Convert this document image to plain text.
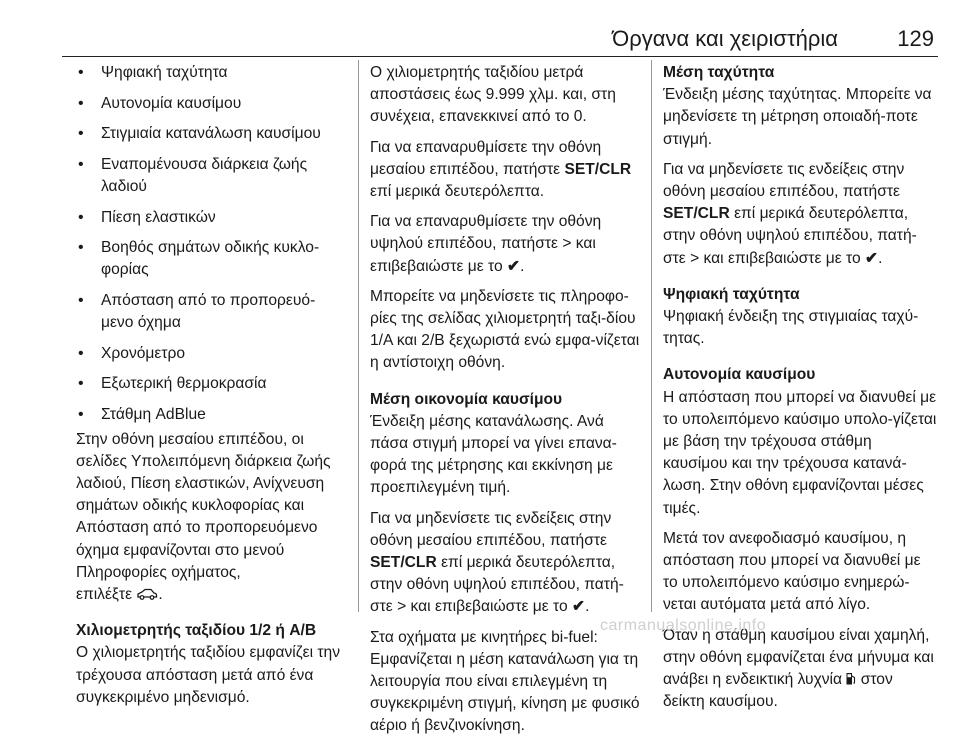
Όργανα και χειριστήρια	129
• Ψηφιακή ταχύτητα
• Αυτονομία καυσίμου
• Στιγμιαία κατανάλωση καυσίμου
• Εναπομένουσα διάρκεια ζωής λαδιού
• Πίεση ελαστικών
• Βοηθός σημάτων οδικής κυκλο-φορίας
• Απόσταση από το προπορευό-μενο όχημα
• Χρονόμετρο
• Εξωτερική θερμοκρασία
• Στάθμη AdBlue

Στην οθόνη μεσαίου επιπέδου, οι σελίδες Υπολειπόμενη διάρκεια ζωής λαδιού, Πίεση ελαστικών, Ανίχνευση σημάτων οδικής κυκλοφορίας και Απόσταση από το προπορευόμενο όχημα εμφανίζονται στο μενού Πληροφορίες οχήματος,
επιλέξτε .

Χιλιομετρητής ταξιδίου 1/2 ή A/B

Ο χιλιομετρητής ταξιδίου εμφανίζει την τρέχουσα απόσταση μετά από ένα συγκεκριμένο μηδενισμό.

Ο χιλιομετρητής ταξιδίου μετρά αποστάσεις έως 9.999 χλμ. και, στη συνέχεια, επανεκκινεί από το 0.

Για να επαναρυθμίσετε την οθόνη μεσαίου επιπέδου, πατήστε SET/CLR επί μερικά δευτερόλεπτα.

Για να επαναρυθμίσετε την οθόνη υψηλού επιπέδου, πατήστε > και επιβεβαιώστε με το ✔.

Μπορείτε να μηδενίσετε τις πληροφο-ρίες της σελίδας χιλιομετρητή ταξι-δίου 1/A και 2/B ξεχωριστά ενώ εμφα-νίζεται η αντίστοιχη οθόνη.

Μέση οικονομία καυσίμου

Ένδειξη μέσης κατανάλωσης. Ανά πάσα στιγμή μπορεί να γίνει επανα-φορά της μέτρησης και εκκίνηση με προεπιλεγμένη τιμή.

Για να μηδενίσετε τις ενδείξεις στην οθόνη μεσαίου επιπέδου, πατήστε SET/CLR επί μερικά δευτερόλεπτα, στην οθόνη υψηλού επιπέδου, πατή-στε > και επιβεβαιώστε με το ✔.

Στα οχήματα με κινητήρες bi-fuel: Εμφανίζεται η μέση κατανάλωση για τη λειτουργία που είναι επιλεγμένη τη συγκεκριμένη στιγμή, κίνηση με φυσικό αέριο ή βενζινοκίνηση.

Μέση ταχύτητα

Ένδειξη μέσης ταχύτητας. Μπορείτε να μηδενίσετε τη μέτρηση οποιαδή-ποτε στιγμή.

Για να μηδενίσετε τις ενδείξεις στην οθόνη μεσαίου επιπέδου, πατήστε SET/CLR επί μερικά δευτερόλεπτα, στην οθόνη υψηλού επιπέδου, πατή-στε > και επιβεβαιώστε με το ✔.

Ψηφιακή ταχύτητα

Ψηφιακή ένδειξη της στιγμιαίας ταχύ-τητας.

Αυτονομία καυσίμου

Η απόσταση που μπορεί να διανυθεί με το υπολειπόμενο καύσιμο υπολο-γίζεται με βάση την τρέχουσα στάθμη καυσίμου και την τρέχουσα κατανά-λωση. Στην οθόνη εμφανίζονται μέσες τιμές.

Μετά τον ανεφοδιασμό καυσίμου, η απόσταση που μπορεί να διανυθεί με το υπολειπόμενο καύσιμο ενημερώ-νεται αυτόματα μετά από λίγο.

Όταν η στάθμη καυσίμου είναι χαμηλή, στην οθόνη εμφανίζεται ένα μήνυμα και ανάβει η ενδεικτική λυχνία στον δείκτη καυσίμου.

carmanualsonline.info
